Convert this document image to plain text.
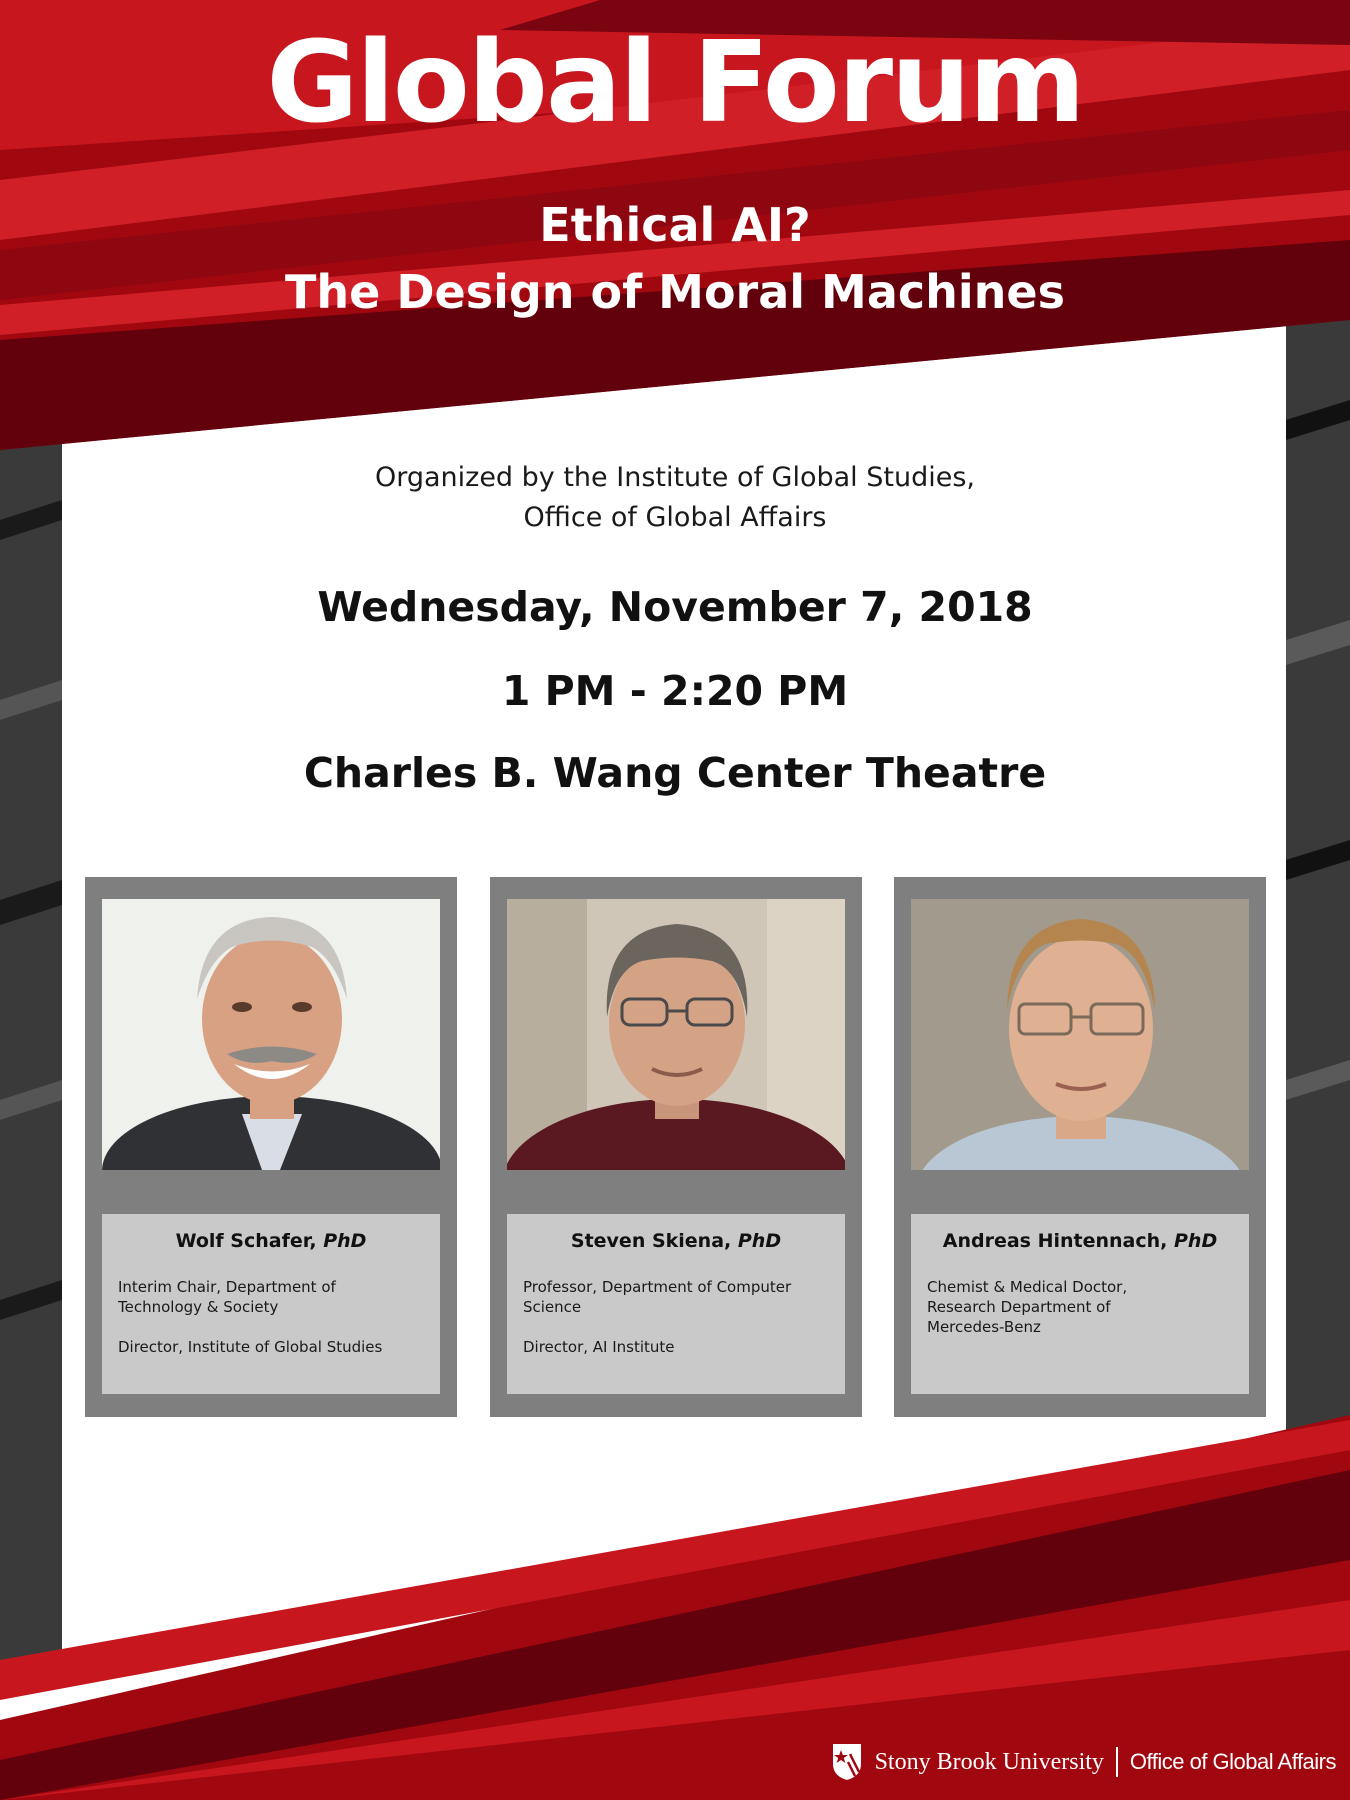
Global Forum
Ethical AI?
The Design of Moral Machines
Organized by the Institute of Global Studies,
Office of Global Affairs
Wednesday, November 7, 2018
1 PM - 2:20 PM
Charles B. Wang Center Theatre
Wolf Schafer, PhD
Interim Chair, Department of
Technology & Society
Director, Institute of Global Studies
Steven Skiena, PhD
Professor, Department of Computer
Science
Director, AI Institute
Andreas Hintennach, PhD
Chemist & Medical Doctor,
Research Department of
Mercedes-Benz
Stony Brook University Office of Global Affairs
